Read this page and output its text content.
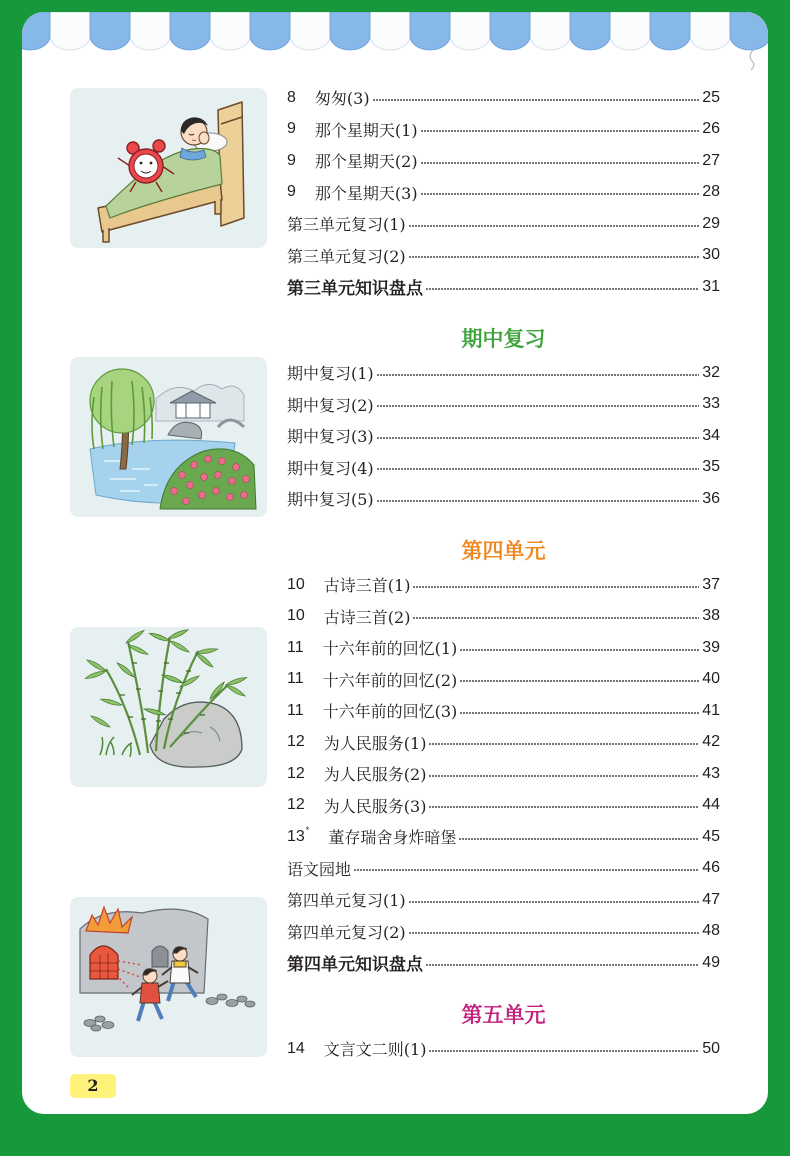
8 匆匆(3)	25
9 那个星期天(1)	26
9 那个星期天(2)	27
9 那个星期天(3)	28
第三单元复习(1)	29
第三单元复习(2)	30
第三单元知识盘点	31
期中复习
期中复习(1)	32
期中复习(2)	33
期中复习(3)	34
期中复习(4)	35
期中复习(5)	36
第四单元
10 古诗三首(1)	37
10 古诗三首(2)	38
11 十六年前的回忆(1)	39
11 十六年前的回忆(2)	40
11 十六年前的回忆(3)	41
12 为人民服务(1)	42
12 为人民服务(2)	43
12 为人民服务(3)	44
13* 董存瑞舍身炸暗堡	45
语文园地	46
第四单元复习(1)	47
第四单元复习(2)	48
第四单元知识盘点	49
第五单元
14 文言文二则(1)	50
2
